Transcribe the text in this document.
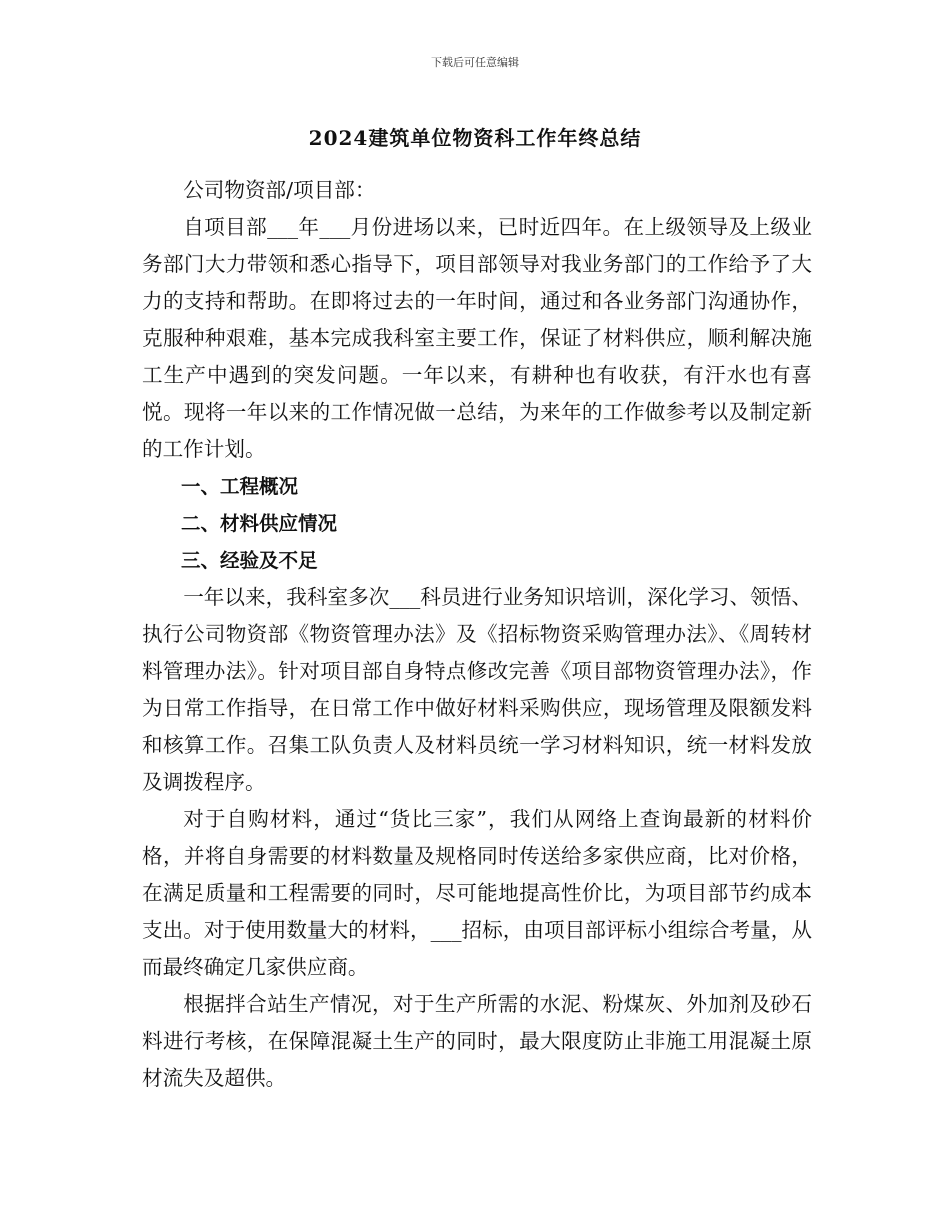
下载后可任意编辑
2024建筑单位物资科工作年终总结

公司物资部/项目部：

自项目部___年___月份进场以来，已时近四年。在上级领导及上级业务部门大力带领和悉心指导下，项目部领导对我业务部门的工作给予了大力的支持和帮助。在即将过去的一年时间，通过和各业务部门沟通协作，克服种种艰难，基本完成我科室主要工作，保证了材料供应，顺利解决施工生产中遇到的突发问题。一年以来，有耕种也有收获，有汗水也有喜悦。现将一年以来的工作情况做一总结，为来年的工作做参考以及制定新的工作计划。

一、工程概况

二、材料供应情况

三、经验及不足

一年以来，我科室多次___科员进行业务知识培训，深化学习、领悟、执行公司物资部《物资管理办法》及《招标物资采购管理办法》、《周转材料管理办法》。针对项目部自身特点修改完善《项目部物资管理办法》，作为日常工作指导，在日常工作中做好材料采购供应，现场管理及限额发料和核算工作。召集工队负责人及材料员统一学习材料知识，统一材料发放及调拨程序。

对于自购材料，通过“货比三家”，我们从网络上查询最新的材料价格，并将自身需要的材料数量及规格同时传送给多家供应商，比对价格，在满足质量和工程需要的同时，尽可能地提高性价比，为项目部节约成本支出。对于使用数量大的材料，___招标，由项目部评标小组综合考量，从而最终确定几家供应商。

根据拌合站生产情况，对于生产所需的水泥、粉煤灰、外加剂及砂石料进行考核，在保障混凝土生产的同时，最大限度防止非施工用混凝土原材流失及超供。
